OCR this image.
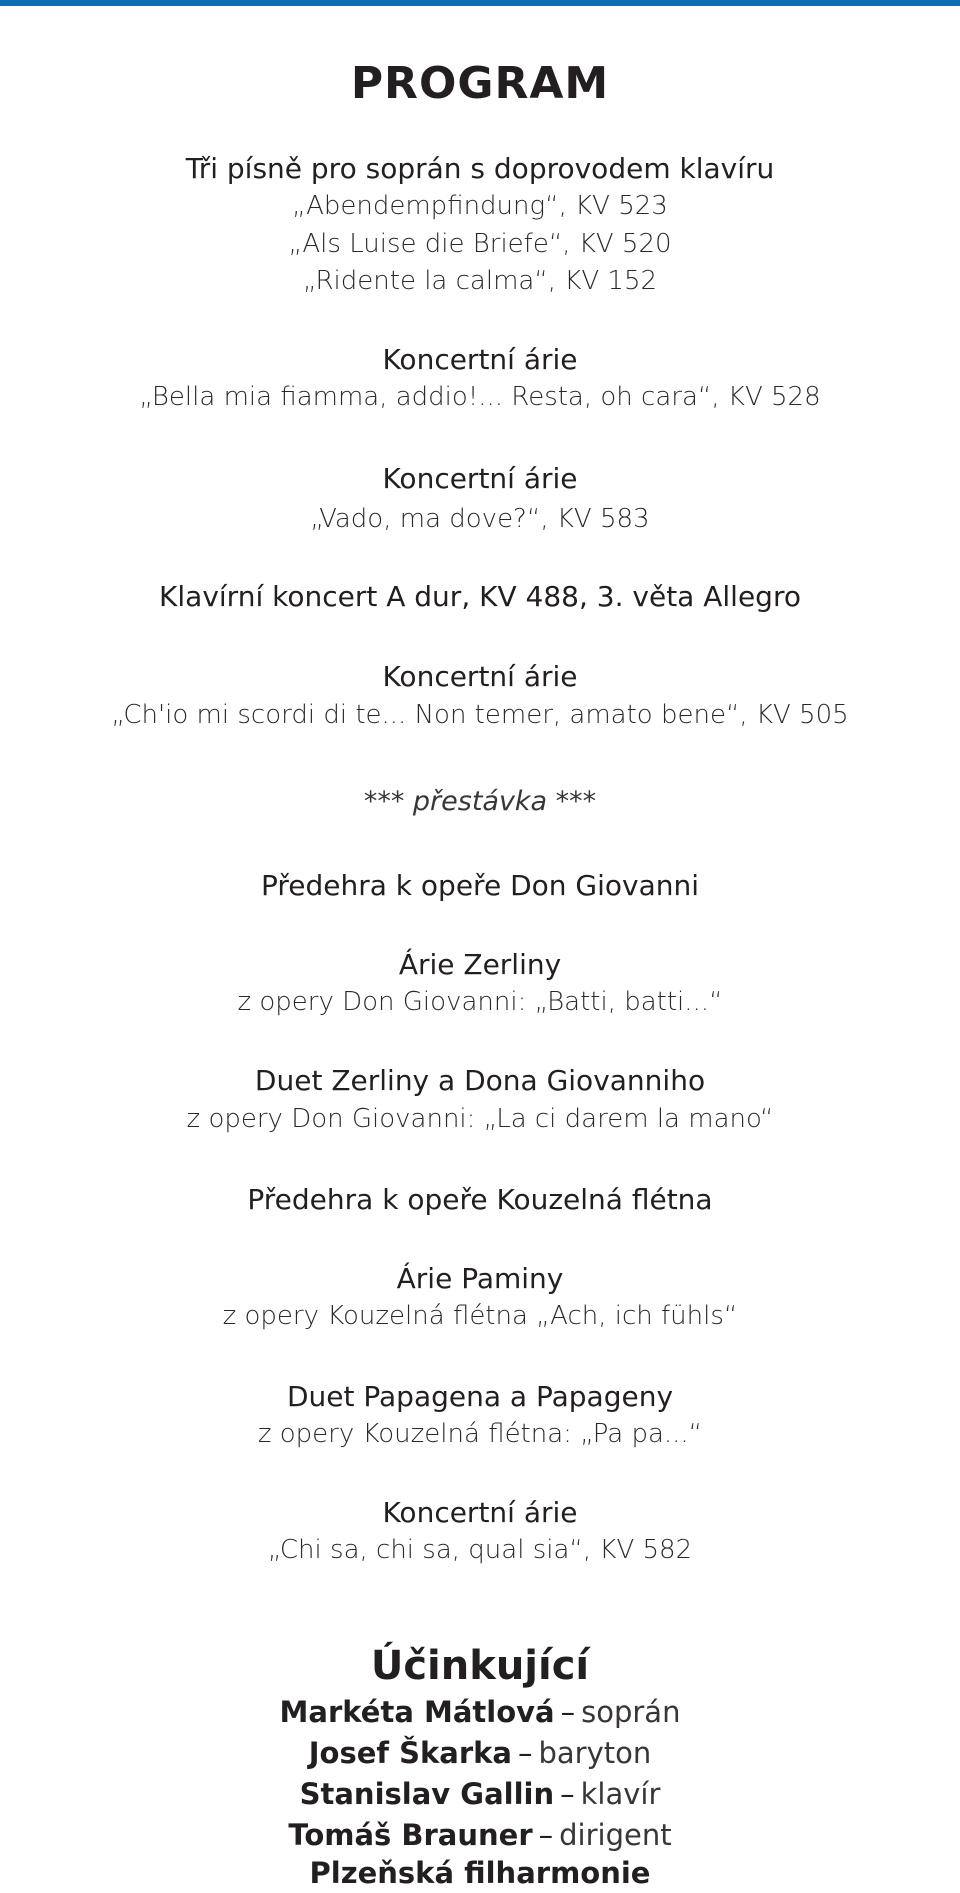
PROGRAM
Tři písně pro soprán s doprovodem klavíru
„Abendempfindung“, KV 523
„Als Luise die Briefe“, KV 520
„Ridente la calma“, KV 152
Koncertní árie
„Bella mia fiamma, addio!... Resta, oh cara“, KV 528
Koncertní árie
„Vado, ma dove?“, KV 583
Klavírní koncert A dur, KV 488, 3. věta Allegro
Koncertní árie
„Ch'io mi scordi di te... Non temer, amato bene“, KV 505
*** přestávka ***
Předehra k opeře Don Giovanni
Árie Zerliny
z opery Don Giovanni: „Batti, batti...“
Duet Zerliny a Dona Giovanniho
z opery Don Giovanni: „La ci darem la mano“
Předehra k opeře Kouzelná flétna
Árie Paminy
z opery Kouzelná flétna „Ach, ich fühls“
Duet Papagena a Papageny
z opery Kouzelná flétna: „Pa pa...“
Koncertní árie
„Chi sa, chi sa, qual sia“, KV 582
Účinkující
Markéta Mátlová – soprán
Josef Škarka – baryton
Stanislav Gallin – klavír
Tomáš Brauner – dirigent
Plzeňská filharmonie
